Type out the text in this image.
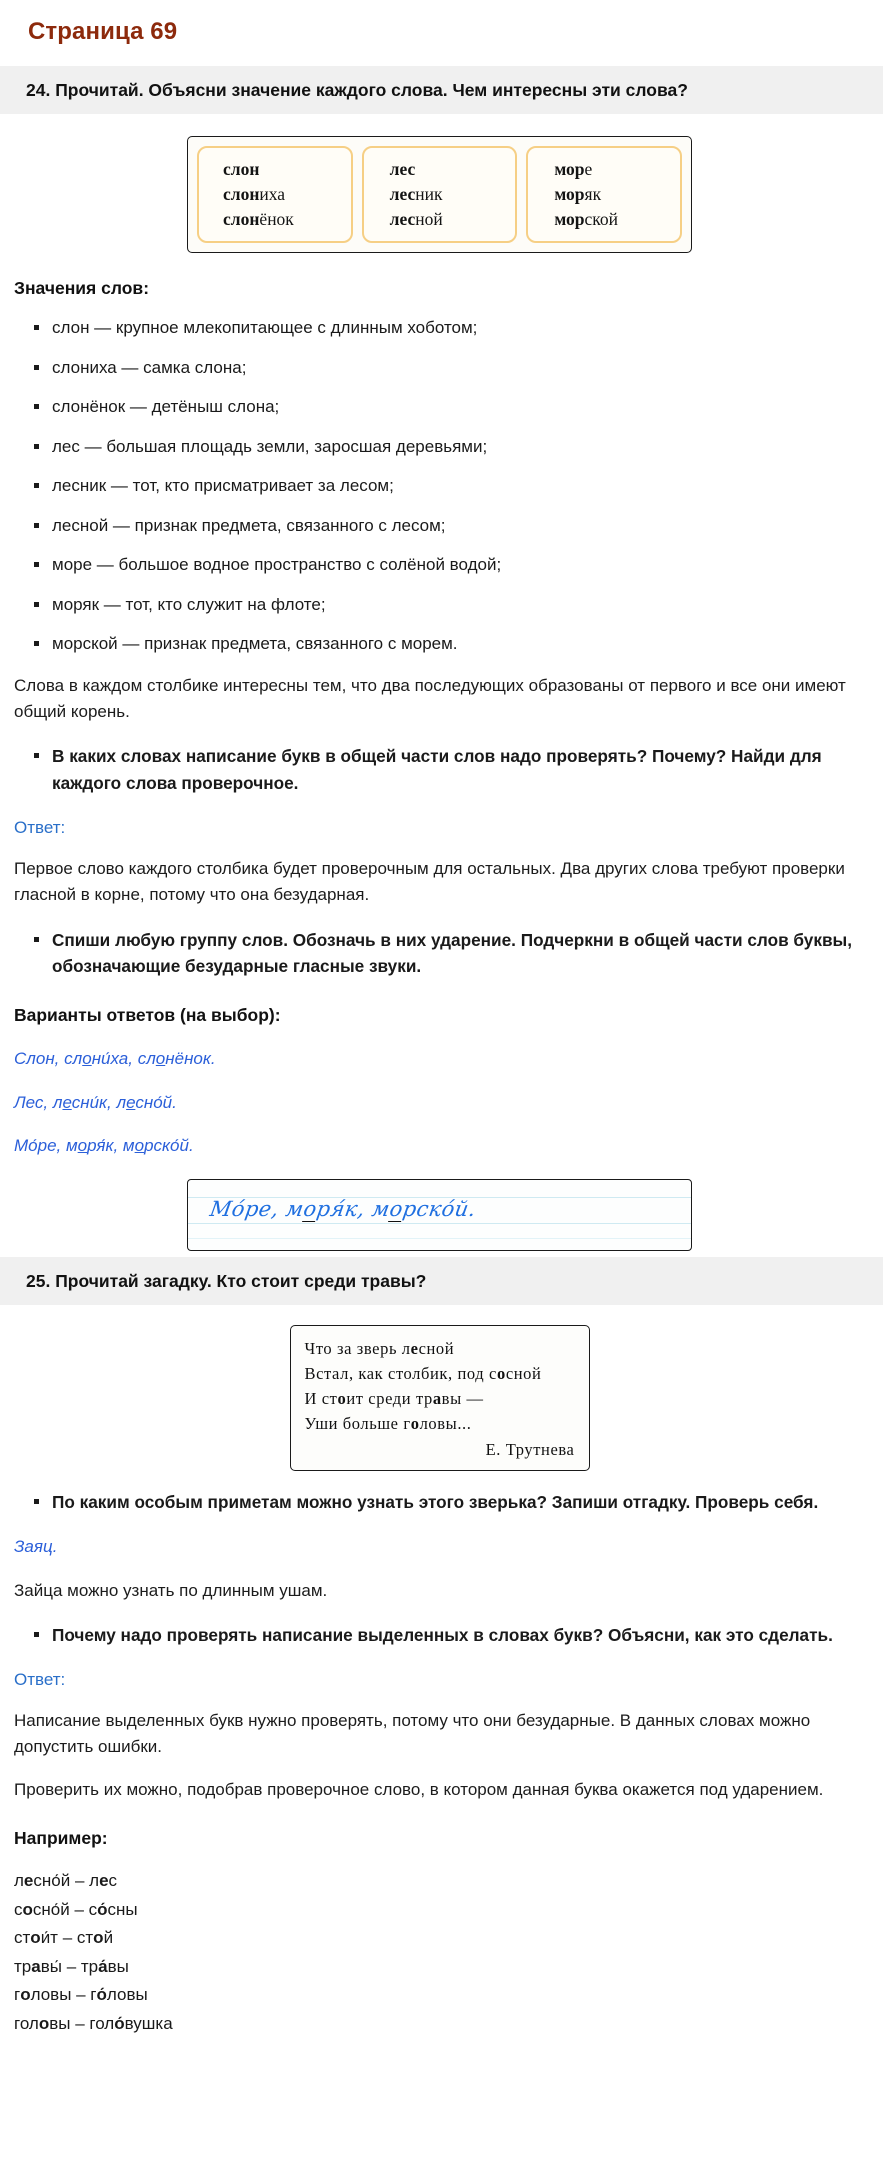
Страница 69
24. Прочитай. Объясни значение каждого слова. Чем интересны эти слова?
слон
слониха
слонёнок
лес
лесник
лесной
море
моряк
морской
Значения слов:
слон — крупное млекопитающее с длинным хоботом;
слониха — самка слона;
слонёнок — детёныш слона;
лес — большая площадь земли, заросшая деревьями;
лесник — тот, кто присматривает за лесом;
лесной — признак предмета, связанного с лесом;
море — большое водное пространство с солёной водой;
моряк — тот, кто служит на флоте;
морской — признак предмета, связанного с морем.

Слова в каждом столбике интересны тем, что два последующих образованы от первого и все они имеют общий корень.

В каких словах написание букв в общей части слов надо проверять? Почему? Найди для каждого слова проверочное.
Ответ:

Первое слово каждого столбика будет проверочным для остальных. Два других слова требуют проверки гласной в корне, потому что она безударная.

Спиши любую группу слов. Обозначь в них ударение. Подчеркни в общей части слов буквы, обозначающие безударные гласные звуки.
Варианты ответов (на выбор):
Слон, слони́ха, слонёнок.
Лес, лесни́к, лесно́й.
Мо́ре, моря́к, морско́й.
Мо́ре, моря́к, морско́й.
25. Прочитай загадку. Кто стоит среди травы?
Что за зверь лесной
Встал, как столбик, под сосной
И стоит среди травы —
Уши больше головы...
Е. Трутнева
По каким особым приметам можно узнать этого зверька? Запиши отгадку. Проверь себя.
Заяц.

Зайца можно узнать по длинным ушам.

Почему надо проверять написание выделенных в словах букв? Объясни, как это сделать.
Ответ:

Написание выделенных букв нужно проверять, потому что они безударные. В данных словах можно допустить ошибки.

Проверить их можно, подобрав проверочное слово, в котором данная буква окажется под ударением.

Например:
лесно́й – лес
сосно́й – со́сны
стои́т – стой
травы́ – тра́вы
головы – го́ловы
головы – голо́вушка
